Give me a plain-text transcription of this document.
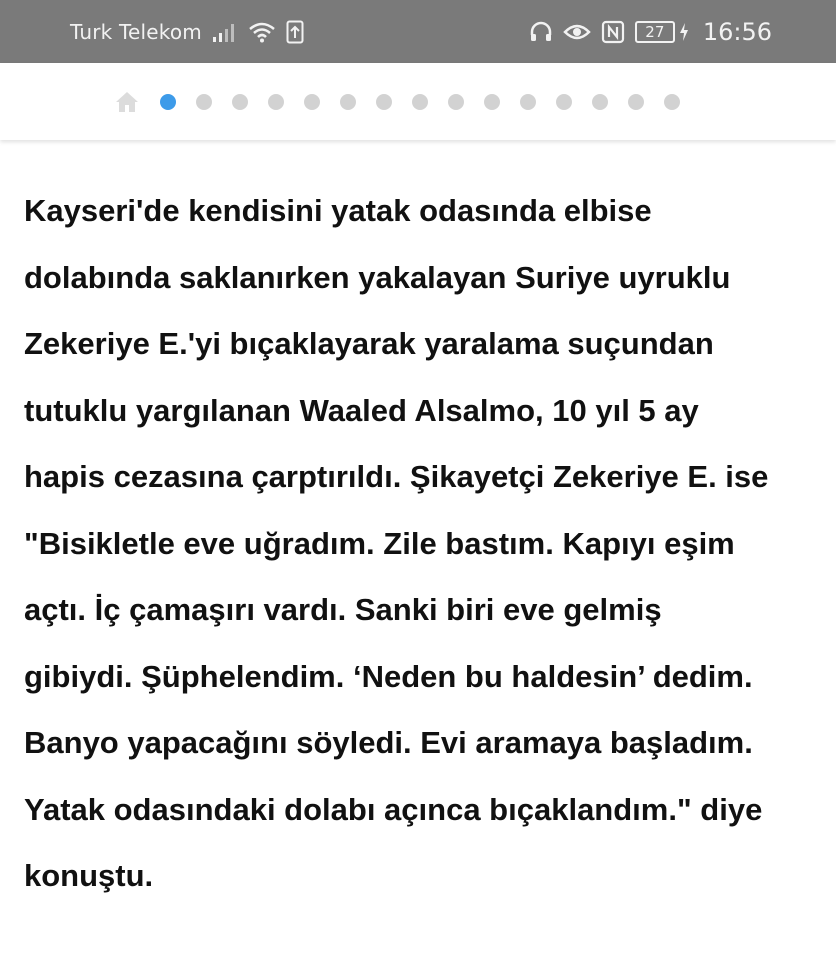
Turk Telekom	27	16:56

Kayseri'de kendisini yatak odasında elbise

dolabında saklanırken yakalayan Suriye uyruklu

Zekeriye E.'yi bıçaklayarak yaralama suçundan

tutuklu yargılanan Waaled Alsalmo, 10 yıl 5 ay

hapis cezasına çarptırıldı. Şikayetçi Zekeriye E. ise

"Bisikletle eve uğradım. Zile bastım. Kapıyı eşim

açtı. İç çamaşırı vardı. Sanki biri eve gelmiş

gibiydi. Şüphelendim. ‘Neden bu haldesin’ dedim.

Banyo yapacağını söyledi. Evi aramaya başladım.

Yatak odasındaki dolabı açınca bıçaklandım." diye

konuştu.
